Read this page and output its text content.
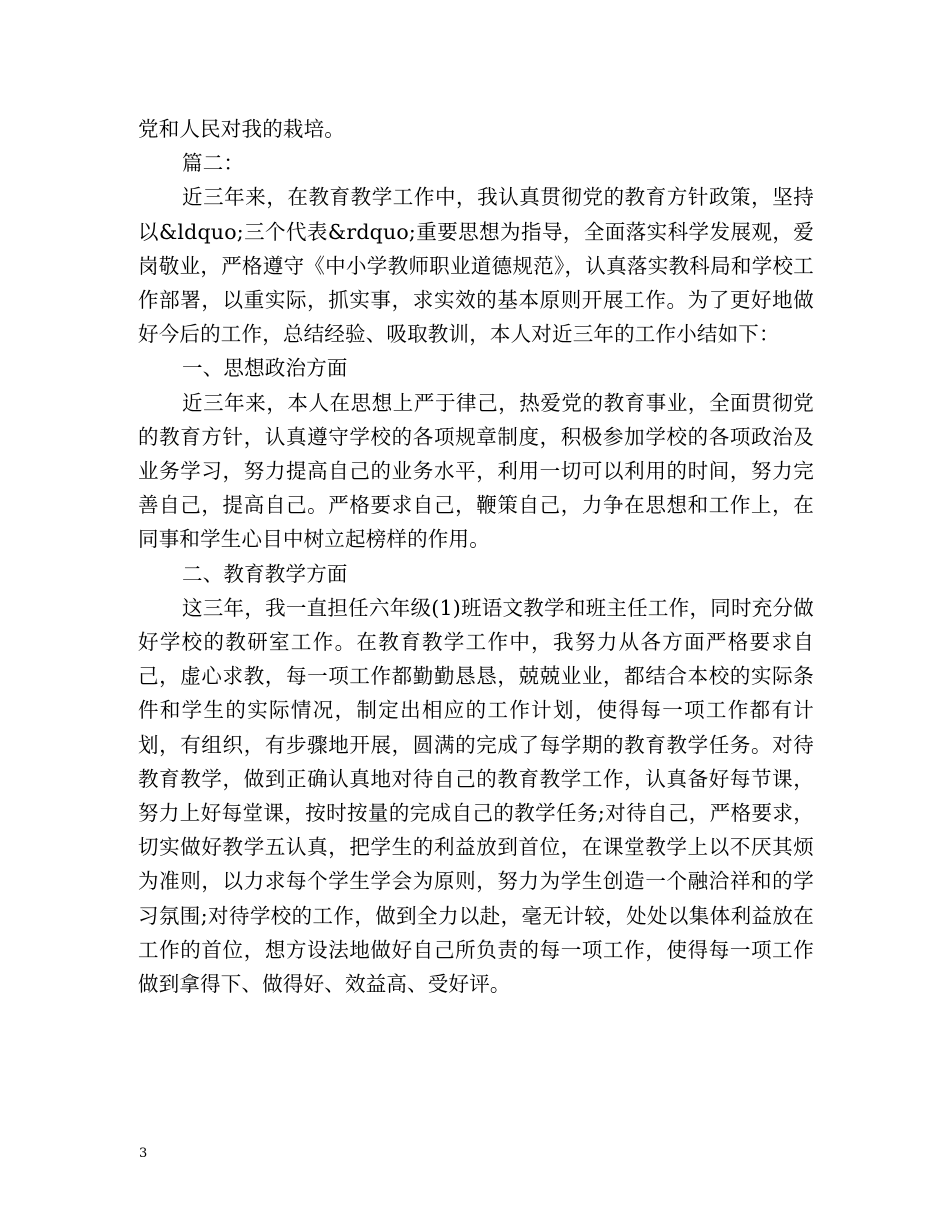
党和人民对我的栽培。

篇二：

近三年来，在教育教学工作中，我认真贯彻党的教育方针政策，坚持以&ldquo;三个代表&rdquo;重要思想为指导，全面落实科学发展观，爱岗敬业，严格遵守《中小学教师职业道德规范》，认真落实教科局和学校工作部署，以重实际，抓实事，求实效的基本原则开展工作。为了更好地做好今后的工作，总结经验、吸取教训，本人对近三年的工作小结如下：

一、思想政治方面

近三年来，本人在思想上严于律己，热爱党的教育事业，全面贯彻党的教育方针，认真遵守学校的各项规章制度，积极参加学校的各项政治及业务学习，努力提高自己的业务水平，利用一切可以利用的时间，努力完善自己，提高自己。严格要求自己，鞭策自己，力争在思想和工作上，在同事和学生心目中树立起榜样的作用。

二、教育教学方面

这三年，我一直担任六年级(1)班语文教学和班主任工作，同时充分做好学校的教研室工作。在教育教学工作中，我努力从各方面严格要求自己，虚心求教，每一项工作都勤勤恳恳，兢兢业业，都结合本校的实际条件和学生的实际情况，制定出相应的工作计划，使得每一项工作都有计划，有组织，有步骤地开展，圆满的完成了每学期的教育教学任务。对待教育教学，做到正确认真地对待自己的教育教学工作，认真备好每节课，努力上好每堂课，按时按量的完成自己的教学任务;对待自己，严格要求，切实做好教学五认真，把学生的利益放到首位，在课堂教学上以不厌其烦为准则，以力求每个学生学会为原则，努力为学生创造一个融洽祥和的学习氛围;对待学校的工作，做到全力以赴，毫无计较，处处以集体利益放在工作的首位，想方设法地做好自己所负责的每一项工作，使得每一项工作做到拿得下、做得好、效益高、受好评。

3
